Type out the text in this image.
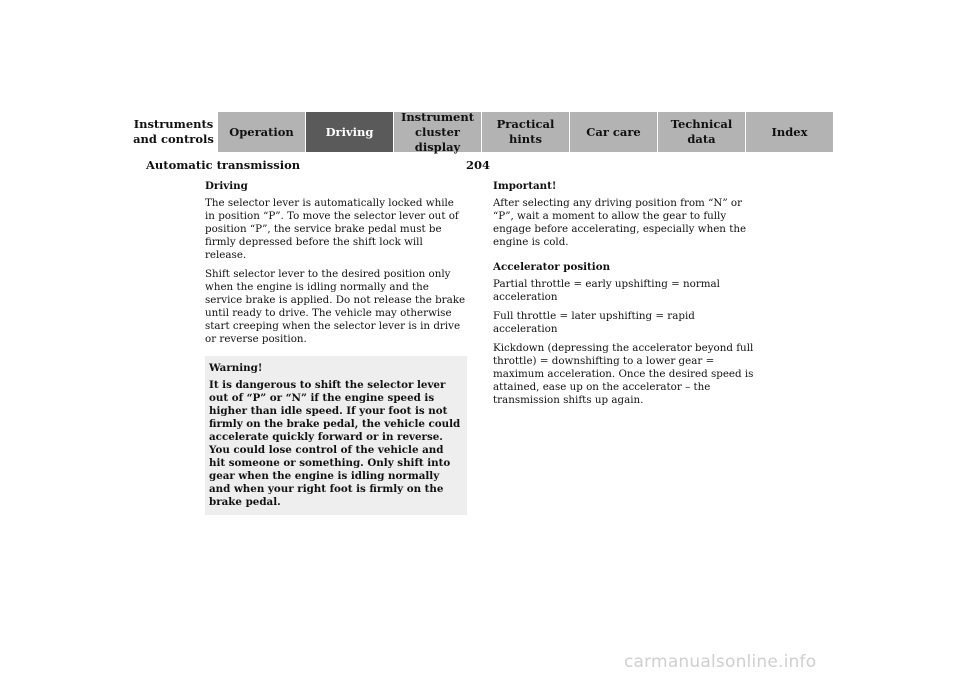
Instruments
and controls
Operation	Driving
Instrument
cluster display
Practical hints
Car care
Technical
data
Index
Automatic transmission	204

Driving

The selector lever is automatically locked while in position “P”. To move the selector lever out of position “P”, the service brake pedal must be firmly depressed before the shift lock will release.

Shift selector lever to the desired position only when the engine is idling normally and the service brake is applied. Do not release the brake until ready to drive. The vehicle may otherwise start creeping when the selector lever is in drive or reverse position.

Warning!

It is dangerous to shift the selector lever out of “P” or “N” if the engine speed is higher than idle speed. If your foot is not firmly on the brake pedal, the vehicle could accelerate quickly forward or in reverse. You could lose control of the vehicle and hit someone or something. Only shift into gear when the engine is idling normally and when your right foot is firmly on the brake pedal.

Important!

After selecting any driving position from “N” or “P”, wait a moment to allow the gear to fully engage before accelerating, especially when the engine is cold.

Accelerator position

Partial throttle = early upshifting = normal acceleration

Full throttle = later upshifting = rapid acceleration

Kickdown (depressing the accelerator beyond full throttle) = downshifting to a lower gear = maximum acceleration. Once the desired speed is attained, ease up on the accelerator – the transmission shifts up again.

carmanualsonline.info
